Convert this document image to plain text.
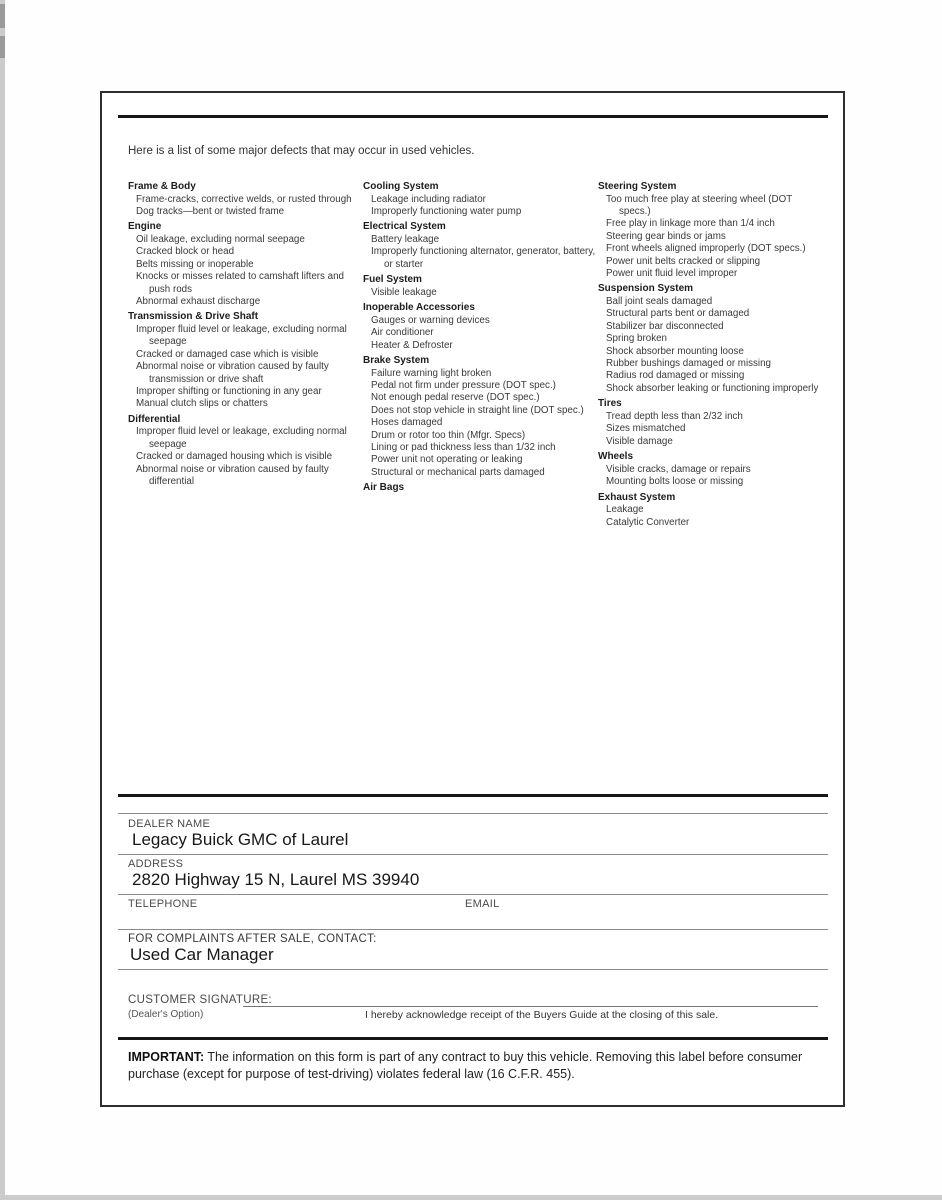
Here is a list of some major defects that may occur in used vehicles.
Frame & Body
Frame-cracks, corrective welds, or rusted through
Dog tracks—bent or twisted frame
Engine
Oil leakage, excluding normal seepage
Cracked block or head
Belts missing or inoperable
Knocks or misses related to camshaft lifters and push rods
Abnormal exhaust discharge
Transmission & Drive Shaft
Improper fluid level or leakage, excluding normal seepage
Cracked or damaged case which is visible
Abnormal noise or vibration caused by faulty transmission or drive shaft
Improper shifting or functioning in any gear
Manual clutch slips or chatters
Differential
Improper fluid level or leakage, excluding normal seepage
Cracked or damaged housing which is visible
Abnormal noise or vibration caused by faulty differential
Cooling System
Leakage including radiator
Improperly functioning water pump
Electrical System
Battery leakage
Improperly functioning alternator, generator, battery, or starter
Fuel System
Visible leakage
Inoperable Accessories
Gauges or warning devices
Air conditioner
Heater & Defroster
Brake System
Failure warning light broken
Pedal not firm under pressure (DOT spec.)
Not enough pedal reserve (DOT spec.)
Does not stop vehicle in straight line (DOT spec.)
Hoses damaged
Drum or rotor too thin (Mfgr. Specs)
Lining or pad thickness less than 1/32 inch
Power unit not operating or leaking
Structural or mechanical parts damaged
Air Bags
Steering System
Too much free play at steering wheel (DOT specs.)
Free play in linkage more than 1/4 inch
Steering gear binds or jams
Front wheels aligned improperly (DOT specs.)
Power unit belts cracked or slipping
Power unit fluid level improper
Suspension System
Ball joint seals damaged
Structural parts bent or damaged
Stabilizer bar disconnected
Spring broken
Shock absorber mounting loose
Rubber bushings damaged or missing
Radius rod damaged or missing
Shock absorber leaking or functioning improperly
Tires
Tread depth less than 2/32 inch
Sizes mismatched
Visible damage
Wheels
Visible cracks, damage or repairs
Mounting bolts loose or missing
Exhaust System
Leakage
Catalytic Converter
DEALER NAME
Legacy Buick GMC of Laurel
ADDRESS
2820 Highway 15 N, Laurel MS 39940
TELEPHONE	EMAIL
FOR COMPLAINTS AFTER SALE, CONTACT:
Used Car Manager
CUSTOMER SIGNATURE:
(Dealer's Option)	I hereby acknowledge receipt of the Buyers Guide at the closing of this sale.
IMPORTANT: The information on this form is part of any contract to buy this vehicle. Removing this label before consumer purchase (except for purpose of test-driving) violates federal law (16 C.F.R. 455).
